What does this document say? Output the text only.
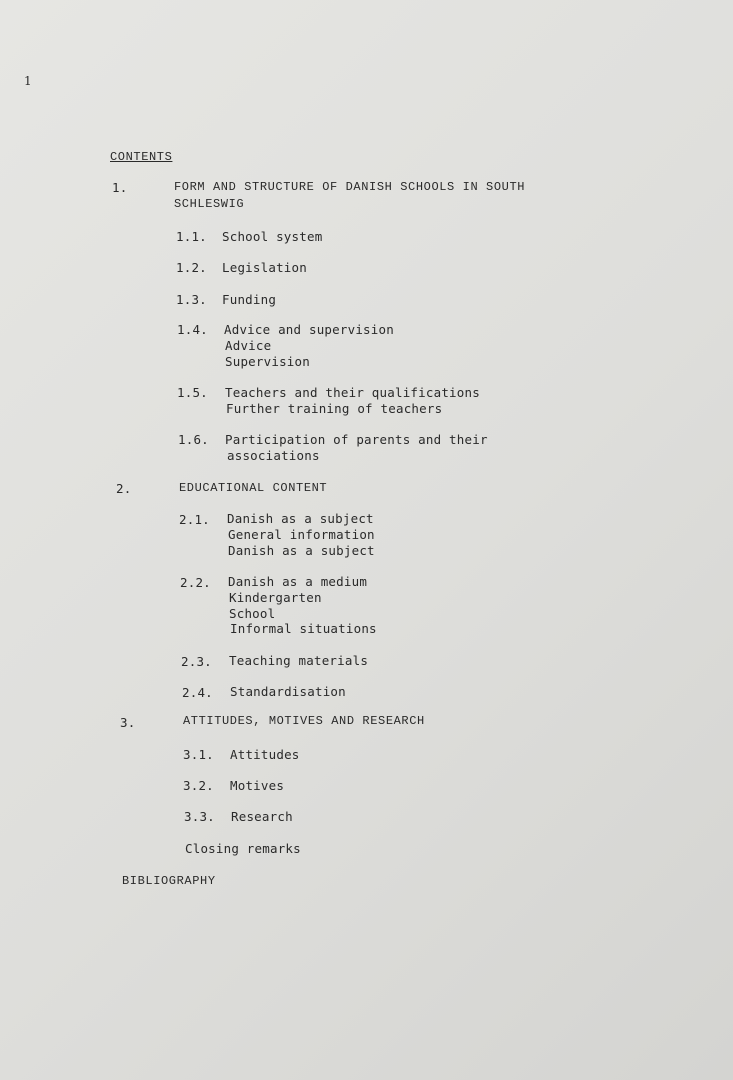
1
CONTENTS
1.	FORM AND STRUCTURE OF DANISH SCHOOLS IN SOUTH
SCHLESWIG
1.1. School system
1.2. Legislation
1.3. Funding
1.4. Advice and supervision
Advice
Supervision
1.5. Teachers and their qualifications
Further training of teachers
1.6. Participation of parents and their
associations
2.	EDUCATIONAL CONTENT
2.1. Danish as a subject
General information
Danish as a subject
2.2. Danish as a medium
Kindergarten
School
Informal situations
2.3. Teaching materials
2.4. Standardisation
3.	ATTITUDES, MOTIVES AND RESEARCH
3.1. Attitudes
3.2. Motives
3.3. Research
Closing remarks
BIBLIOGRAPHY
